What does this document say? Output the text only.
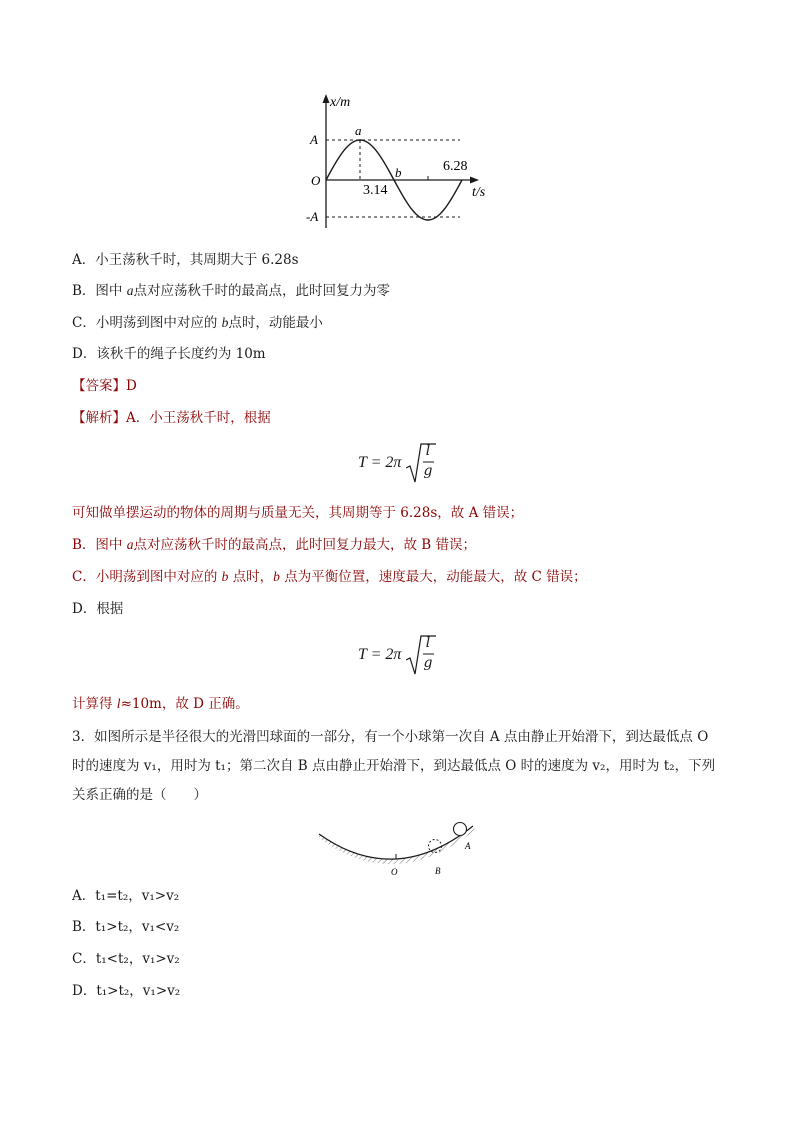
x/m
t/s
A
-A
O
a
b
3.14
6.28
A．小王荡秋千时，其周期大于 6.28s
B．图中 a点对应荡秋千时的最高点，此时回复力为零
C．小明荡到图中对应的 b点时，动能最小
D．该秋千的绳子长度约为 10m
【答案】D
【解析】A．小王荡秋千时，根据
T = 2π
l
g
可知做单摆运动的物体的周期与质量无关，其周期等于 6.28s，故 A 错误；
B．图中 a点对应荡秋千时的最高点，此时回复力最大，故 B 错误；
C．小明荡到图中对应的 b 点时，b 点为平衡位置，速度最大，动能最大，故 C 错误；
D．根据
T = 2π
l
g
计算得 l≈10m，故 D 正确。
3．如图所示是半径很大的光滑凹球面的一部分，有一个小球第一次自 A 点由静止开始滑下，到达最低点 O
时的速度为 v₁，用时为 t₁；第二次自 B 点由静止开始滑下，到达最低点 O 时的速度为 v₂，用时为 t₂，下列
关系正确的是（　　）
O	B
A
A．t₁=t₂，v₁>v₂
B．t₁>t₂，v₁<v₂
C．t₁<t₂，v₁>v₂
D．t₁>t₂，v₁>v₂
